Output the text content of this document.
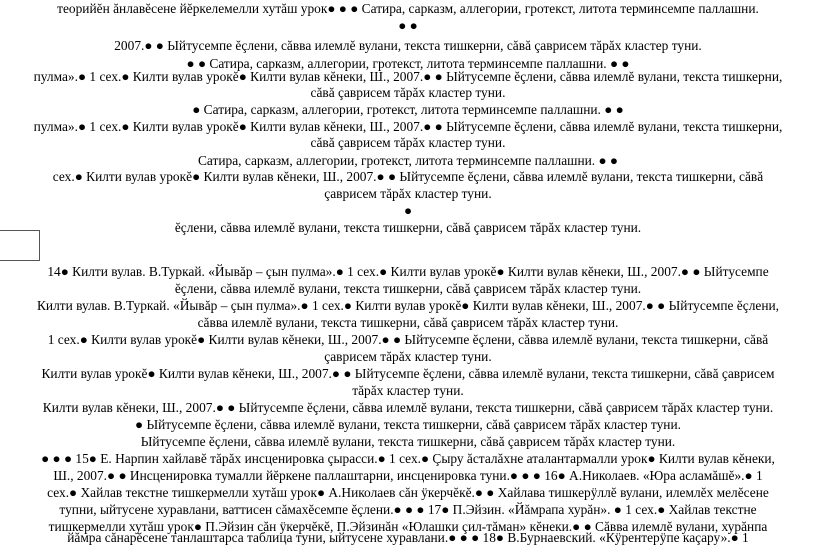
теорийĕн ăнлавĕсене йĕркелемелли хутăш урок● ● ● Сатира, сарказм, аллегории, гротекст, литота терминсемпе паллашни.
● ●
2007.● ● Ыйтусемпе ĕçлени, сăвва илемлĕ вулани, текста тишкерни, сăвă çаврисем тăрăх кластер туни.
● ● Сатира, сарказм, аллегории, гротекст, литота терминсемпе паллашни. ● ●
пулма».● 1 сех.● Килти вулав урокĕ● Килти вулав кĕнеки, Ш., 2007.● ● Ыйтусемпе ĕçлени, сăвва илемлĕ вулани, текста тишкерни,
сăвă çаврисем тăрăх кластер туни.
● Сатира, сарказм, аллегории, гротекст, литота терминсемпе паллашни. ● ●
пулма».● 1 сех.● Килти вулав урокĕ● Килти вулав кĕнеки, Ш., 2007.● ● Ыйтусемпе ĕçлени, сăвва илемлĕ вулани, текста тишкерни,
сăвă çаврисем тăрăх кластер туни.
Сатира, сарказм, аллегории, гротекст, литота терминсемпе паллашни. ● ●
сех.● Килти вулав урокĕ● Килти вулав кĕнеки, Ш., 2007.● ● Ыйтусемпе ĕçлени, сăвва илемлĕ вулани, текста тишкерни, сăвă
çаврисем тăрăх кластер туни.
●
ĕçлени, сăвва илемлĕ вулани, текста тишкерни, сăвă çаврисем тăрăх кластер туни.
14● Килти вулав. В.Туркай. «Йывăр – çын пулма».● 1 сех.● Килти вулав урокĕ● Килти вулав кĕнеки, Ш., 2007.● ● Ыйтусемпе
ĕçлени, сăвва илемлĕ вулани, текста тишкерни, сăвă çаврисем тăрăх кластер туни.
Килти вулав. В.Туркай. «Йывăр – çын пулма».● 1 сех.● Килти вулав урокĕ● Килти вулав кĕнеки, Ш., 2007.● ● Ыйтусемпе ĕçлени,
сăвва илемлĕ вулани, текста тишкерни, сăвă çаврисем тăрăх кластер туни.
1 сех.● Килти вулав урокĕ● Килти вулав кĕнеки, Ш., 2007.● ● Ыйтусемпе ĕçлени, сăвва илемлĕ вулани, текста тишкерни, сăвă
çаврисем тăрăх кластер туни.
Килти вулав урокĕ● Килти вулав кĕнеки, Ш., 2007.● ● Ыйтусемпе ĕçлени, сăвва илемлĕ вулани, текста тишкерни, сăвă çаврисем
тăрăх кластер туни.
Килти вулав кĕнеки, Ш., 2007.● ● Ыйтусемпе ĕçлени, сăвва илемлĕ вулани, текста тишкерни, сăвă çаврисем тăрăх кластер туни.
● Ыйтусемпе ĕçлени, сăвва илемлĕ вулани, текста тишкерни, сăвă çаврисем тăрăх кластер туни.
Ыйтусемпе ĕçлени, сăвва илемлĕ вулани, текста тишкерни, сăвă çаврисем тăрăх кластер туни.
● ● ● 15● Е. Нарпин хайлавĕ тăрăх инсценировка çырасси.● 1 сех.● Çыру ăсталăхне аталантармалли урок● Килти вулав кĕнеки,
Ш., 2007.● ● Инсценировка тумалли йĕркене паллаштарни, инсценировка туни.● ● ● 16● А.Николаев. «Юра асламăшĕ».● 1
сех.● Хайлав текстне тишкермелли хутăш урок● А.Николаев сăн ÿкерчĕкĕ.● ● Хайлава тишкерÿллĕ вулани, илемлĕх мелĕсене
тупни, ыйтусене хуравлани, ваттисен сăмахĕсемпе ĕçлени.● ● ● 17● П.Эйзин. «Йăмрапа хурăн». ● 1 сех.● Хайлав текстне
тишкермелли хутăш урок● П.Эйзин сăн ÿкерчĕкĕ, П.Эйзинăн «Юлашки çил-тăман» кĕнеки.● ● Сăвва илемлĕ вулани, хурăнпа
йăмра сăнарĕсене танлаштарса таблица туни, ыйтусене хуравлани.● ● ● 18● В.Бурнаевский. «Кÿрентерÿпе каçару».● 1
